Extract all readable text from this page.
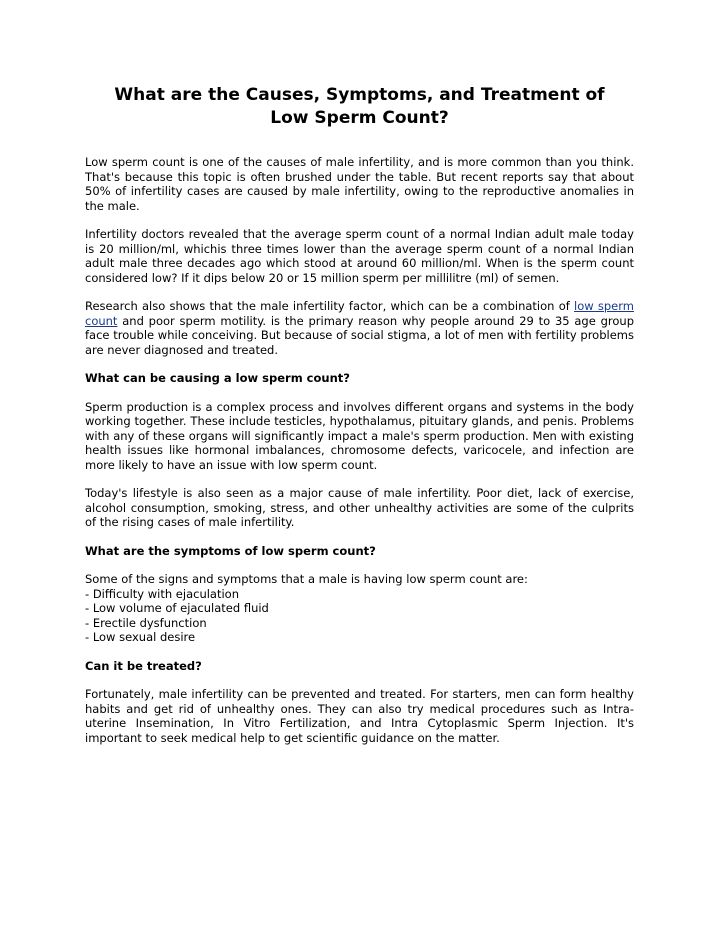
What are the Causes, Symptoms, and Treatment of Low Sperm Count?

Low sperm count is one of the causes of male infertility, and is more common than you think. That's because this topic is often brushed under the table. But recent reports say that about 50% of infertility cases are caused by male infertility, owing to the reproductive anomalies in the male.

Infertility doctors revealed that the average sperm count of a normal Indian adult male today is 20 million/ml, whichis three times lower than the average sperm count of a normal Indian adult male three decades ago which stood at around 60 million/ml. When is the sperm count considered low? If it dips below 20 or 15 million sperm per millilitre (ml) of semen.

Research also shows that the male infertility factor, which can be a combination of low sperm count and poor sperm motility. is the primary reason why people around 29 to 35 age group face trouble while conceiving. But because of social stigma, a lot of men with fertility problems are never diagnosed and treated.

What can be causing a low sperm count?

Sperm production is a complex process and involves different organs and systems in the body working together. These include testicles, hypothalamus, pituitary glands, and penis. Problems with any of these organs will significantly impact a male's sperm production. Men with existing health issues like hormonal imbalances, chromosome defects, varicocele, and infection are more likely to have an issue with low sperm count.

Today's lifestyle is also seen as a major cause of male infertility. Poor diet, lack of exercise, alcohol consumption, smoking, stress, and other unhealthy activities are some of the culprits of the rising cases of male infertility.

What are the symptoms of low sperm count?

Some of the signs and symptoms that a male is having low sperm count are:

- Difficulty with ejaculation
- Low volume of ejaculated fluid
- Erectile dysfunction
- Low sexual desire
Can it be treated?

Fortunately, male infertility can be prevented and treated. For starters, men can form healthy habits and get rid of unhealthy ones. They can also try medical procedures such as Intra-uterine Insemination, In Vitro Fertilization, and Intra Cytoplasmic Sperm Injection. It's important to seek medical help to get scientific guidance on the matter.
